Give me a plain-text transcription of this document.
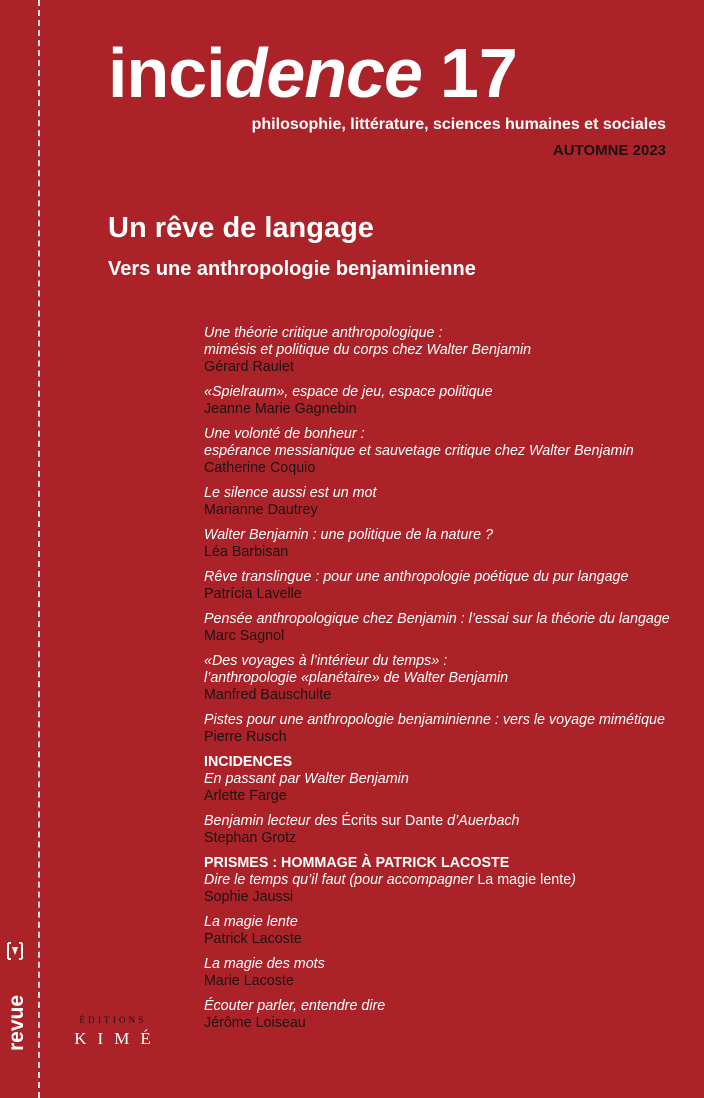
incidence 17
philosophie, littérature, sciences humaines et sociales
AUTOMNE 2023
Un rêve de langage
Vers une anthropologie benjaminienne
Une théorie critique anthropologique :
mimésis et politique du corps chez Walter Benjamin
Gérard Raulet
«Spielraum», espace de jeu, espace politique
Jeanne Marie Gagnebin
Une volonté de bonheur :
espérance messianique et sauvetage critique chez Walter Benjamin
Catherine Coquio
Le silence aussi est un mot
Marianne Dautrey
Walter Benjamin : une politique de la nature ?
Léa Barbisan
Rêve translingue : pour une anthropologie poétique du pur langage
Patrícia Lavelle
Pensée anthropologique chez Benjamin : l’essai sur la théorie du langage
Marc Sagnol
«Des voyages à l’intérieur du temps» :
l’anthropologie «planétaire» de Walter Benjamin
Manfred Bauschulte
Pistes pour une anthropologie benjaminienne : vers le voyage mimétique
Pierre Rusch
INCIDENCES
En passant par Walter Benjamin
Arlette Farge
Benjamin lecteur des Écrits sur Dante d’Auerbach
Stephan Grotz
PRISMES : HOMMAGE À PATRICK LACOSTE
Dire le temps qu’il faut (pour accompagner La magie lente)
Sophie Jaussi
La magie lente
Patrick Lacoste
La magie des mots
Marie Lacoste
Écouter parler, entendre dire
Jérôme Loiseau
revue	ÉDITIONS
KIMÉ
